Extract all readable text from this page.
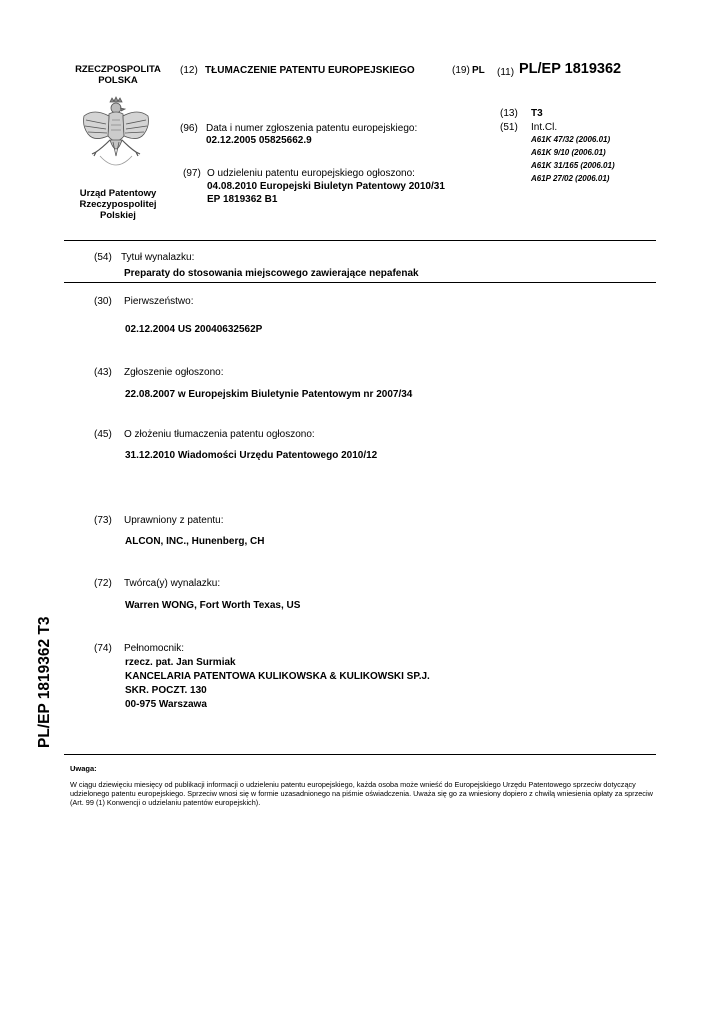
RZECZPOSPOLITA
POLSKA
Urząd Patentowy
Rzeczypospolitej
Polskiej
(12) TŁUMACZENIE PATENTU EUROPEJSKIEGO	(19) PL (11) PL/EP 1819362
(13) T3
(51) Int.Cl.
A61K 47/32 (2006.01)
A61K 9/10 (2006.01)
A61K 31/165 (2006.01)
A61P 27/02 (2006.01)
(96) Data i numer zgłoszenia patentu europejskiego:
02.12.2005 05825662.9
(97) O udzieleniu patentu europejskiego ogłoszono:
04.08.2010 Europejski Biuletyn Patentowy 2010/31
EP 1819362 B1
(54) Tytuł wynalazku:
Preparaty do stosowania miejscowego zawierające nepafenak
(30) Pierwszeństwo:
02.12.2004 US 20040632562P
(43) Zgłoszenie ogłoszono:
22.08.2007 w Europejskim Biuletynie Patentowym nr 2007/34
(45) O złożeniu tłumaczenia patentu ogłoszono:
31.12.2010 Wiadomości Urzędu Patentowego 2010/12
(73) Uprawniony z patentu:
ALCON, INC., Hunenberg, CH
(72) Twórca(y) wynalazku:
Warren WONG, Fort Worth Texas, US
(74) Pełnomocnik:
rzecz. pat. Jan Surmiak
KANCELARIA PATENTOWA KULIKOWSKA & KULIKOWSKI SP.J.
SKR. POCZT. 130
00-975 Warszawa
PL/EP 1819362 T3
Uwaga:
W ciągu dziewięciu miesięcy od publikacji informacji o udzieleniu patentu europejskiego, każda osoba może wnieść do Europejskiego Urzędu Patentowego sprzeciw dotyczący udzielonego patentu europejskiego. Sprzeciw wnosi się w formie uzasadnionego na piśmie oświadczenia. Uważa się go za wniesiony dopiero z chwilą wniesienia opłaty za sprzeciw (Art. 99 (1) Konwencji o udzielaniu patentów europejskich).
